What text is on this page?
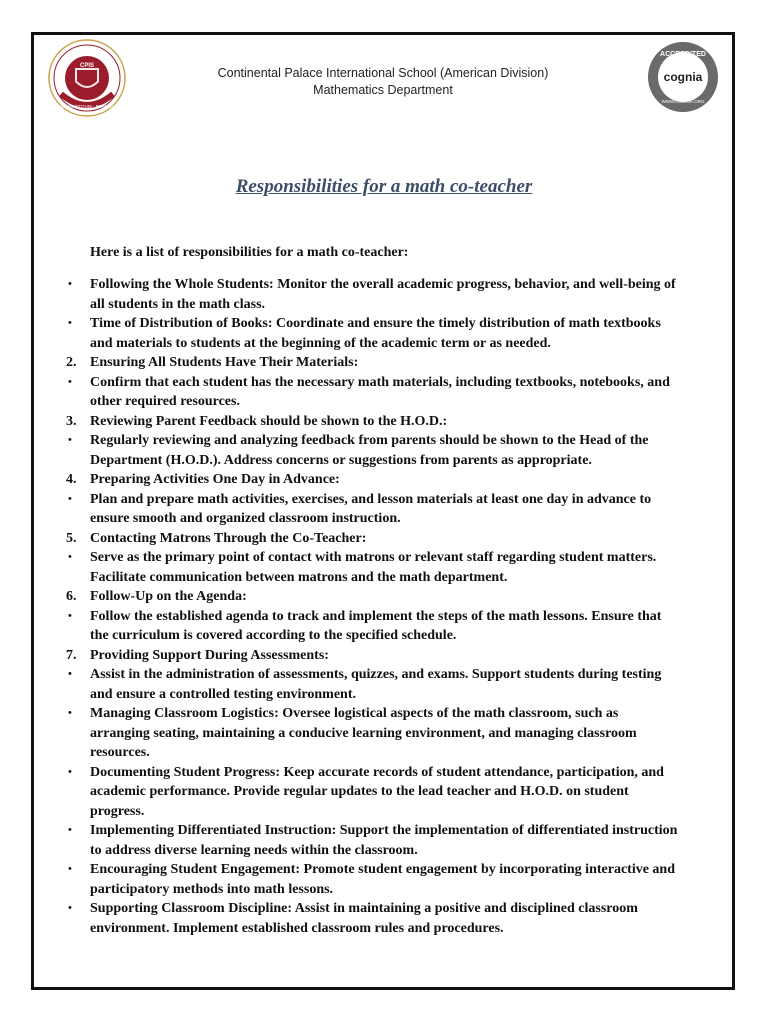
CPIS
AL KHARTOUM · BRANCH
ACCREDITED
cognia
WWW.COGNIA.ORG
Continental Palace International School (American Division)
Mathematics Department
Responsibilities for a math co-teacher
Here is a list of responsibilities for a math co-teacher:
•	Following the Whole Students: Monitor the overall academic progress, behavior, and well-being of all students in the math class.
•	Time of Distribution of Books: Coordinate and ensure the timely distribution of math textbooks and materials to students at the beginning of the academic term or as needed.
2. Ensuring All Students Have Their Materials:
•	Confirm that each student has the necessary math materials, including textbooks, notebooks, and other required resources.
3. Reviewing Parent Feedback should be shown to the H.O.D.:
•	Regularly reviewing and analyzing feedback from parents should be shown to the Head of the Department (H.O.D.). Address concerns or suggestions from parents as appropriate.
4. Preparing Activities One Day in Advance:
•	Plan and prepare math activities, exercises, and lesson materials at least one day in advance to ensure smooth and organized classroom instruction.
5. Contacting Matrons Through the Co-Teacher:
•	Serve as the primary point of contact with matrons or relevant staff regarding student matters. Facilitate communication between matrons and the math department.
6. Follow-Up on the Agenda:
•	Follow the established agenda to track and implement the steps of the math lessons. Ensure that the curriculum is covered according to the specified schedule.
7. Providing Support During Assessments:
•	Assist in the administration of assessments, quizzes, and exams. Support students during testing and ensure a controlled testing environment.
•	Managing Classroom Logistics: Oversee logistical aspects of the math classroom, such as arranging seating, maintaining a conducive learning environment, and managing classroom resources.
•	Documenting Student Progress: Keep accurate records of student attendance, participation, and academic performance. Provide regular updates to the lead teacher and H.O.D. on student progress.
•	Implementing Differentiated Instruction: Support the implementation of differentiated instruction to address diverse learning needs within the classroom.
•	Encouraging Student Engagement: Promote student engagement by incorporating interactive and participatory methods into math lessons.
•	Supporting Classroom Discipline: Assist in maintaining a positive and disciplined classroom environment. Implement established classroom rules and procedures.
